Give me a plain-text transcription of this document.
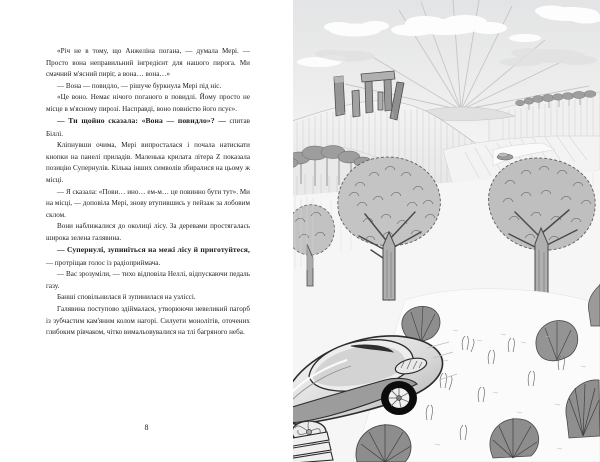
«Річ не в тому, що Анжеліна погана, — думала Мері. — Просто вона неправильний інгредієнт для нашого пирога. Ми смачний м'ясний пиріг, а вона… вона…»

— Вона — повидло, — рішуче буркнула Мері під ніс.

«Це воно. Немає нічого поганого в повидлі. Йому просто не місце в м'ясному пирозі. Насправді, воно повністю його псує».

— Ти щойно сказала: «Вона — повидло»? — спитав Біллі.

Кліпнувши очима, Мері випросталася і почала натискати кнопки на панелі приладів. Маленька крилата літера Z показала позицію Супернулів. Кілька інших символів збиралися на цьому ж місці.

— Я сказала: «Пови… ино… ем-м… це повинно бути тут». Ми на місці, — доповіла Мері, знову втупившись у пейзаж за лобовим склом.

Вони наближалися до околиці лісу. За деревами простягалась широка зелена галявина.

— Супернулі, зупиніться на межі лісу й приготуйтеся, — протріщав голос із радіоприймача.

— Вас зрозуміли, — тихо відповіла Неллі, відпускаючи педаль газу.

Банші сповільнилася й зупинилася на узліссі.

Галявина поступово здіймалася, утворюючи невеликий пагорб із зубчастим кам'яним колом нагорі. Силуети монолітів, оточених глибоким рівчаком, чітко вимальовувалися на тлі багряного неба.

8
